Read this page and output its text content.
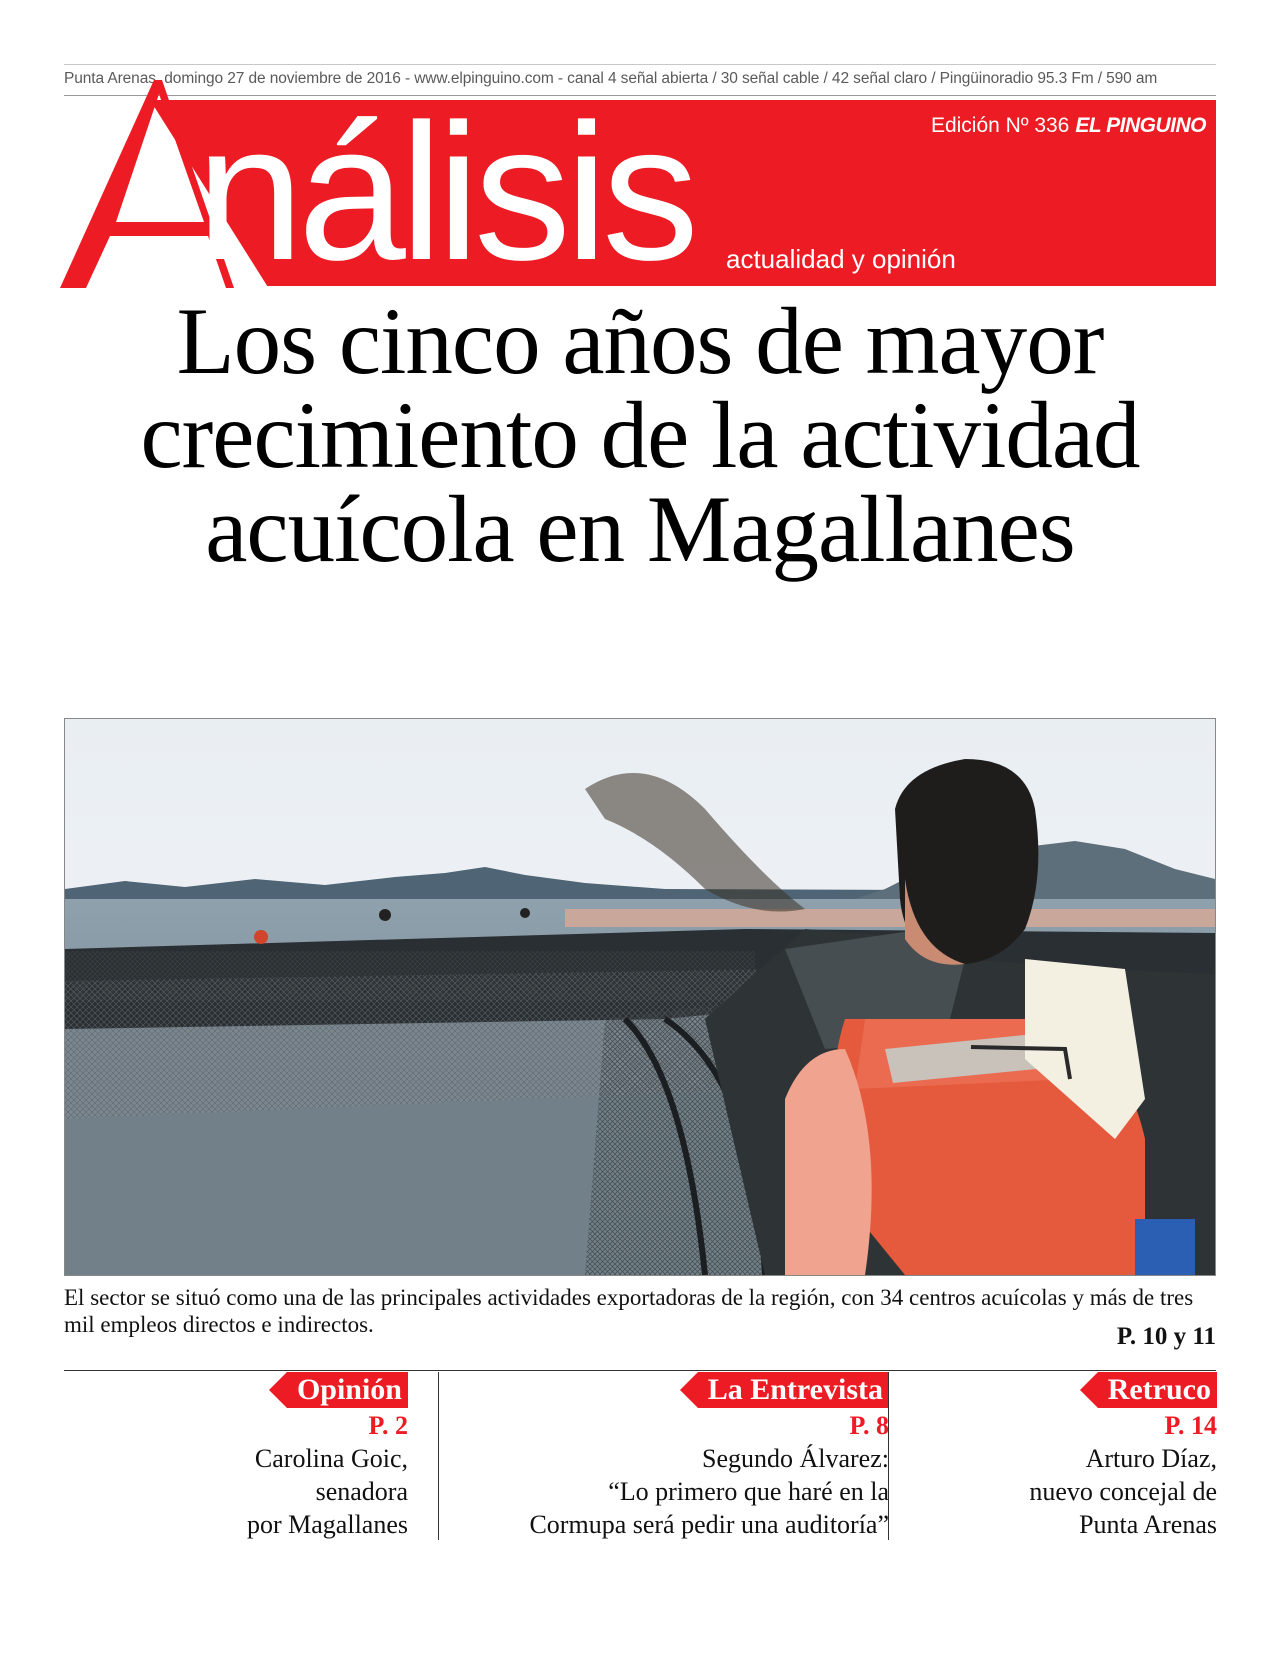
Punta Arenas, domingo 27 de noviembre de 2016 - www.elpinguino.com - canal 4 señal abierta / 30 señal cable / 42 señal claro / Pingüinoradio 95.3 Fm / 590 am
nálisis	Edición Nº 336 EL PINGUINO
actualidad y opinión
Los cinco años de mayor crecimiento de la actividad acuícola en Magallanes

El sector se situó como una de las principales actividades exportadoras de la región, con 34 centros acuícolas y más de tres mil empleos directos e indirectos.	P. 10 y 11
Opinión
P. 2
Carolina Goic,
senadora
por Magallanes
La Entrevista
P. 8
Segundo Álvarez:
“Lo primero que haré en la
Cormupa será pedir una auditoría”
Retruco
P. 14
Arturo Díaz,
nuevo concejal de
Punta Arenas
